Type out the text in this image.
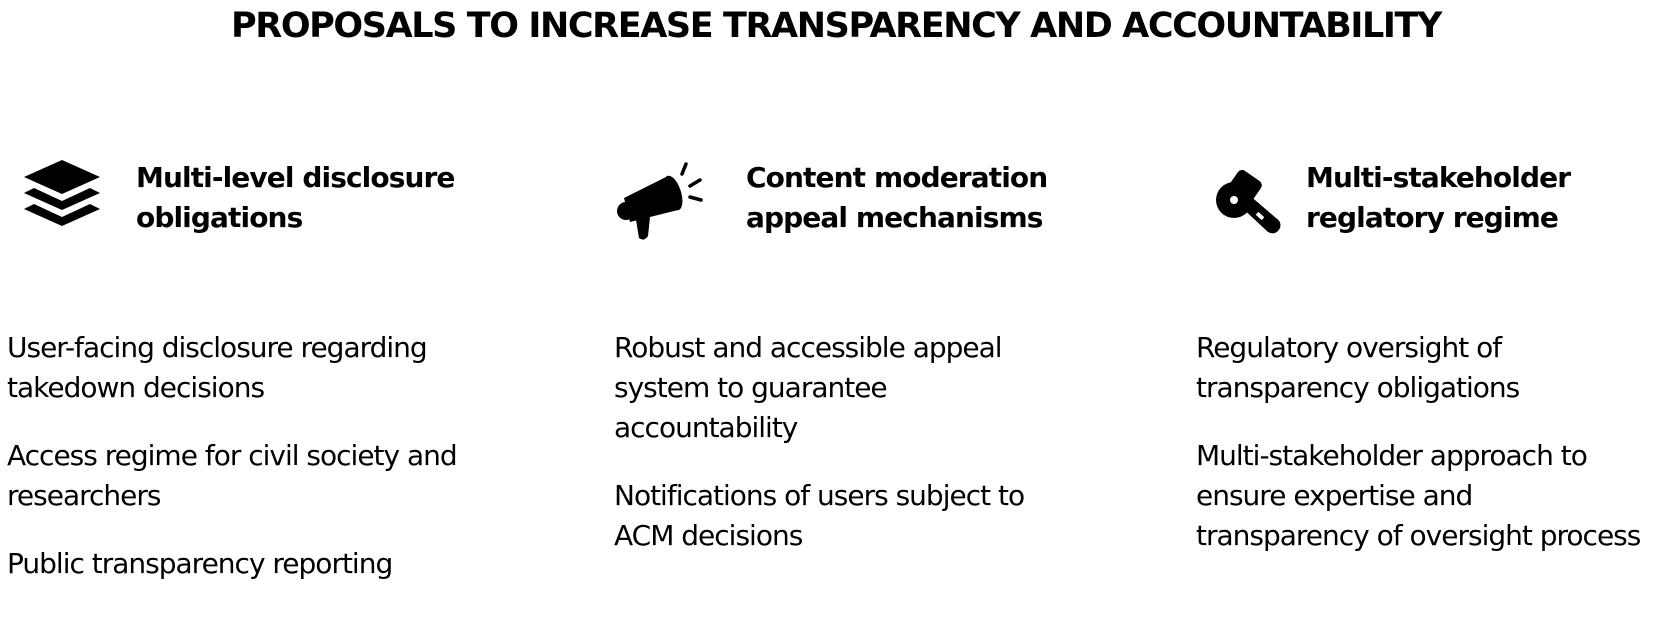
PROPOSALS TO INCREASE TRANSPARENCY AND ACCOUNTABILITY
Multi-level disclosure
obligations
User-facing disclosure regarding
takedown decisions
Access regime for civil society and
researchers
Public transparency reporting
Content moderation
appeal mechanisms
Robust and accessible appeal
system to guarantee
accountability
Notifications of users subject to
ACM decisions
Multi-stakeholder
reglatory regime
Regulatory oversight of
transparency obligations
Multi-stakeholder approach to
ensure expertise and
transparency of oversight process
